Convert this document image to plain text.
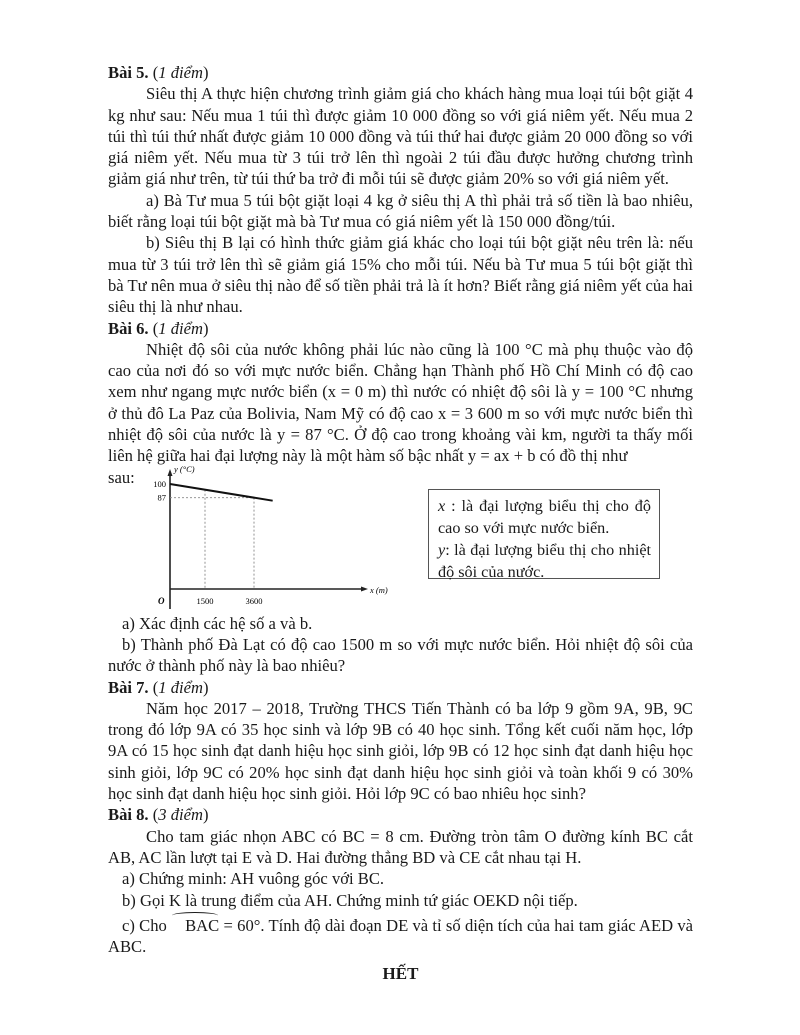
Bài 5. (1 điểm)

Siêu thị A thực hiện chương trình giảm giá cho khách hàng mua loại túi bột giặt 4 kg như sau: Nếu mua 1 túi thì được giảm 10 000 đồng so với giá niêm yết. Nếu mua 2 túi thì túi thứ nhất được giảm 10 000 đồng và túi thứ hai được giảm 20 000 đồng so với giá niêm yết. Nếu mua từ 3 túi trở lên thì ngoài 2 túi đầu được hưởng chương trình giảm giá như trên, từ túi thứ ba trở đi mỗi túi sẽ được giảm 20% so với giá niêm yết.

a) Bà Tư mua 5 túi bột giặt loại 4 kg ở siêu thị A thì phải trả số tiền là bao nhiêu, biết rằng loại túi bột giặt mà bà Tư mua có giá niêm yết là 150 000 đồng/túi.

b) Siêu thị B lại có hình thức giảm giá khác cho loại túi bột giặt nêu trên là: nếu mua từ 3 túi trở lên thì sẽ giảm giá 15% cho mỗi túi. Nếu bà Tư mua 5 túi bột giặt thì bà Tư nên mua ở siêu thị nào để số tiền phải trả là ít hơn? Biết rằng giá niêm yết của hai siêu thị là như nhau.

Bài 6. (1 điểm)

Nhiệt độ sôi của nước không phải lúc nào cũng là 100 °C mà phụ thuộc vào độ cao của nơi đó so với mực nước biển. Chẳng hạn Thành phố Hồ Chí Minh có độ cao xem như ngang mực nước biển (x = 0 m) thì nước có nhiệt độ sôi là y = 100 °C nhưng ở thủ đô La Paz của Bolivia, Nam Mỹ có độ cao x = 3 600 m so với mực nước biển thì nhiệt độ sôi của nước là y = 87 °C. Ở độ cao trong khoảng vài km, người ta thấy mối liên hệ giữa hai đại lượng này là một hàm số bậc nhất y = ax + b có đồ thị như

sau:	y (°C)
x (m)
100
87
1500	3600
O

x : là đại lượng biểu thị cho độ cao so với mực nước biển.

y: là đại lượng biểu thị cho nhiệt độ sôi của nước.

a) Xác định các hệ số a và b.

b) Thành phố Đà Lạt có độ cao 1500 m so với mực nước biển. Hỏi nhiệt độ sôi của nước ở thành phố này là bao nhiêu?

Bài 7. (1 điểm)

Năm học 2017 – 2018, Trường THCS Tiến Thành có ba lớp 9 gồm 9A, 9B, 9C trong đó lớp 9A có 35 học sinh và lớp 9B có 40 học sinh. Tổng kết cuối năm học, lớp 9A có 15 học sinh đạt danh hiệu học sinh giỏi, lớp 9B có 12 học sinh đạt danh hiệu học sinh giỏi, lớp 9C có 20% học sinh đạt danh hiệu học sinh giỏi và toàn khối 9 có 30% học sinh đạt danh hiệu học sinh giỏi. Hỏi lớp 9C có bao nhiêu học sinh?

Bài 8. (3 điểm)

Cho tam giác nhọn ABC có BC = 8 cm. Đường tròn tâm O đường kính BC cắt AB, AC lần lượt tại E và D. Hai đường thẳng BD và CE cắt nhau tại H.

a) Chứng minh: AH vuông góc với BC.

b) Gọi K là trung điểm của AH. Chứng minh tứ giác OEKD nội tiếp.

c) Cho BAC = 60°. Tính độ dài đoạn DE và tỉ số diện tích của hai tam giác AED và ABC.

HẾT
